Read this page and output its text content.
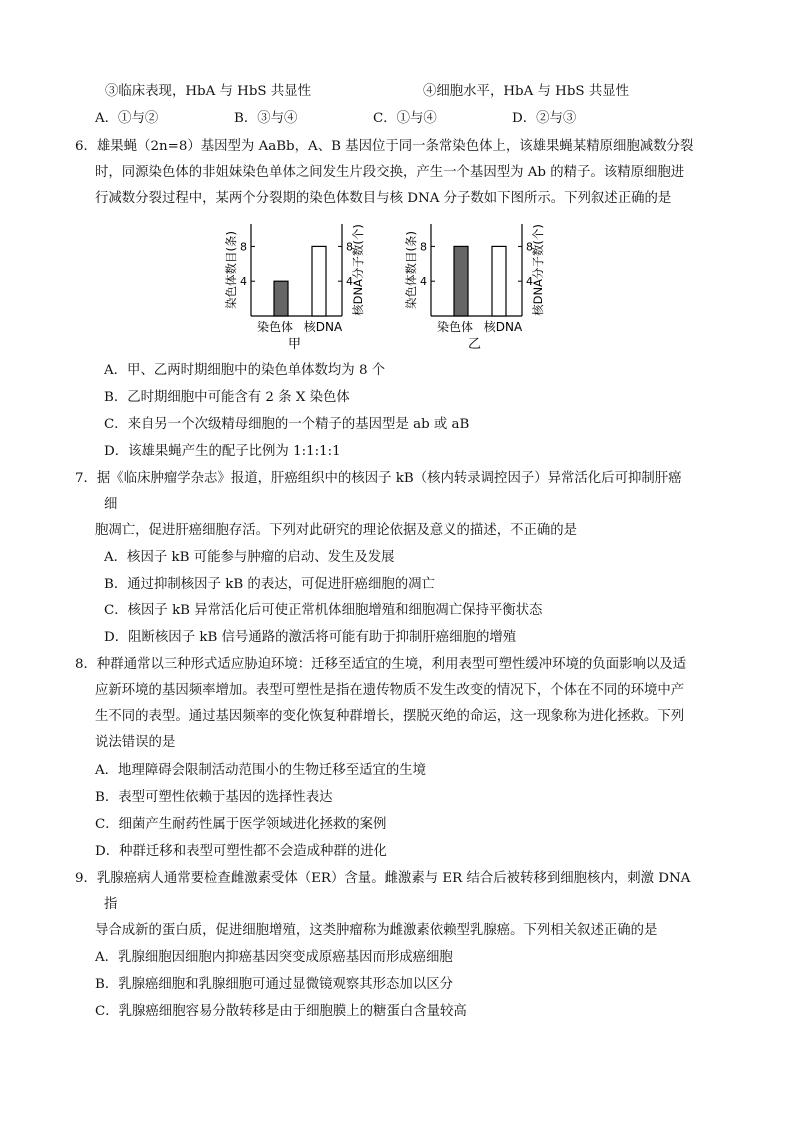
③临床表现，HbA 与 HbS 共显性	④细胞水平，HbA 与 HbS 共显性
A．①与②	B．③与④	C．①与④	D．②与③
6．雄果蝇（2n=8）基因型为 AaBb，A、B 基因位于同一条常染色体上，该雄果蝇某精原细胞减数分裂
时，同源染色体的非姐妹染色单体之间发生片段交换，产生一个基因型为 Ab 的精子。该精原细胞进
行减数分裂过程中，某两个分裂期的染色体数目与核 DNA 分子数如下图所示。下列叙述正确的是
4	4
8	8
染色体 核DNA
甲
染色体数目(条)	核DNA分子数(个)	4	4
8	8
染色体 核DNA
乙
染色体数目(条)	核DNA分子数(个)
A．甲、乙两时期细胞中的染色单体数均为 8 个
B．乙时期细胞中可能含有 2 条 X 染色体
C．来自另一个次级精母细胞的一个精子的基因型是 ab 或 aB
D．该雄果蝇产生的配子比例为 1:1:1:1
7．据《临床肿瘤学杂志》报道，肝癌组织中的核因子 kB（核内转录调控因子）异常活化后可抑制肝癌
细
胞凋亡，促进肝癌细胞存活。下列对此研究的理论依据及意义的描述，不正确的是
A．核因子 kB 可能参与肿瘤的启动、发生及发展
B．通过抑制核因子 kB 的表达，可促进肝癌细胞的凋亡
C．核因子 kB 异常活化后可使正常机体细胞增殖和细胞凋亡保持平衡状态
D．阻断核因子 kB 信号通路的激活将可能有助于抑制肝癌细胞的增殖
8．种群通常以三种形式适应胁迫环境：迁移至适宜的生境，利用表型可塑性缓冲环境的负面影响以及适
应新环境的基因频率增加。表型可塑性是指在遗传物质不发生改变的情况下，个体在不同的环境中产
生不同的表型。通过基因频率的变化恢复种群增长，摆脱灭绝的命运，这一现象称为进化拯救。下列
说法错误的是
A．地理障碍会限制活动范围小的生物迁移至适宜的生境
B．表型可塑性依赖于基因的选择性表达
C．细菌产生耐药性属于医学领域进化拯救的案例
D．种群迁移和表型可塑性都不会造成种群的进化
9．乳腺癌病人通常要检查雌激素受体（ER）含量。雌激素与 ER 结合后被转移到细胞核内，刺激 DNA
指
导合成新的蛋白质，促进细胞增殖，这类肿瘤称为雌激素依赖型乳腺癌。下列相关叙述正确的是
A．乳腺细胞因细胞内抑癌基因突变成原癌基因而形成癌细胞
B．乳腺癌细胞和乳腺细胞可通过显微镜观察其形态加以区分
C．乳腺癌细胞容易分散转移是由于细胞膜上的糖蛋白含量较高
